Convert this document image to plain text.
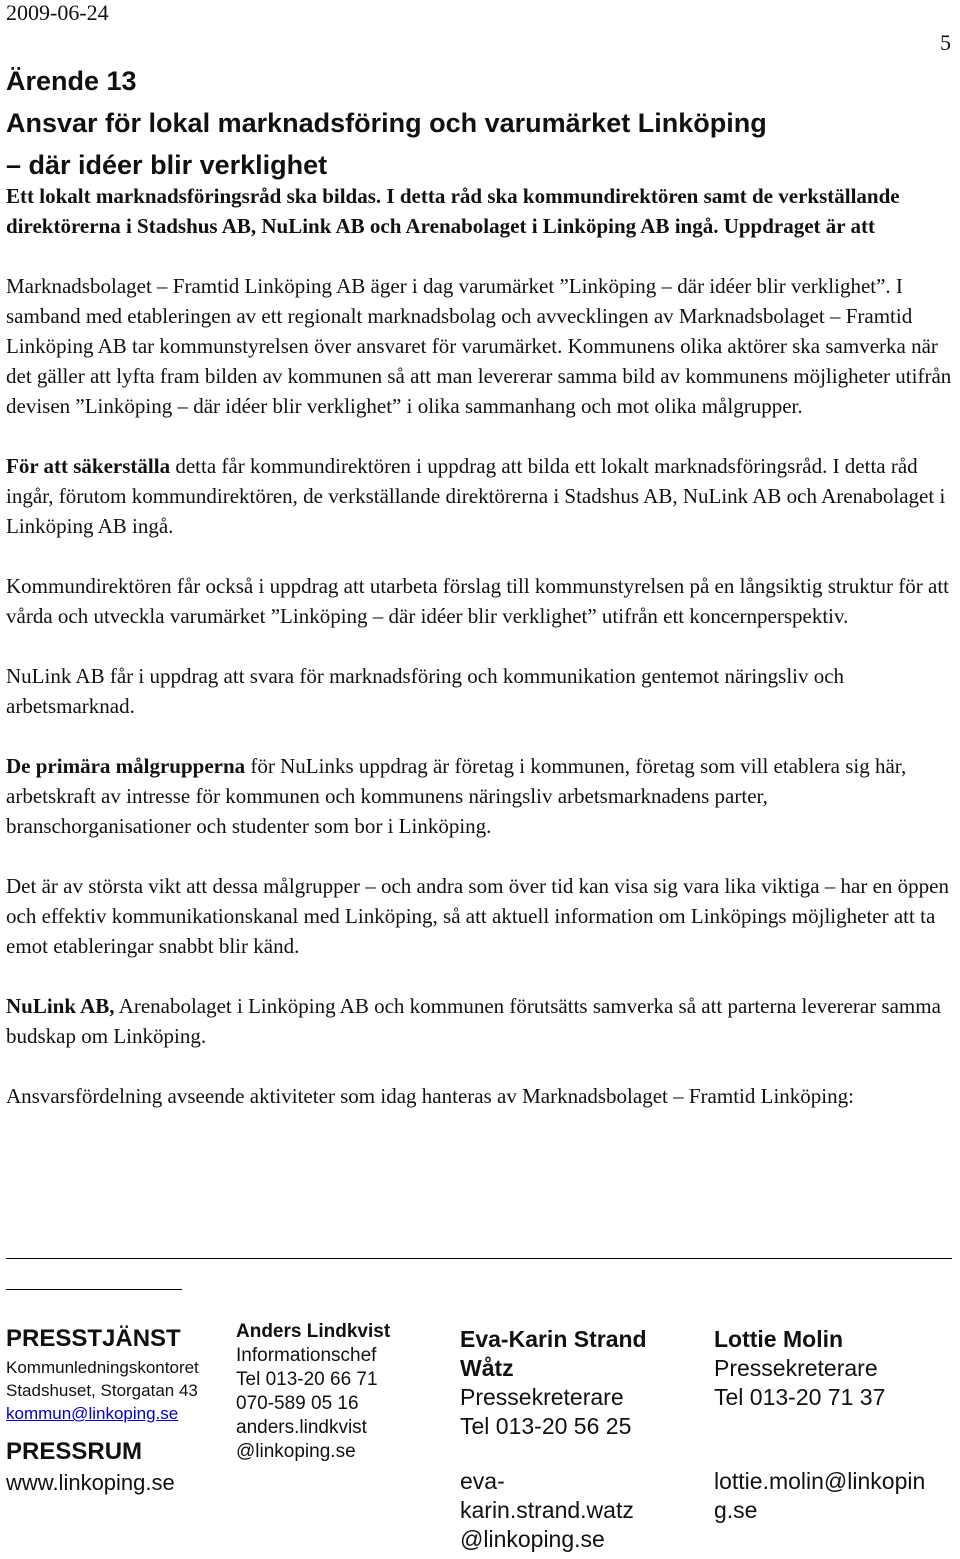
2009-06-24
5
Ärende 13
Ansvar för lokal marknadsföring och varumärket Linköping
– där idéer blir verklighet

Ett lokalt marknadsföringsråd ska bildas. I detta råd ska kommundirektören samt de verkställande direktörerna i Stadshus AB, NuLink AB och Arenabolaget i Linköping AB ingå. Uppdraget är att

Marknadsbolaget – Framtid Linköping AB äger i dag varumärket ”Linköping – där idéer blir verklighet”. I samband med etableringen av ett regionalt marknadsbolag och avvecklingen av Marknadsbolaget – Framtid Linköping AB tar kommunstyrelsen över ansvaret för varumärket. Kommunens olika aktörer ska samverka när det gäller att lyfta fram bilden av kommunen så att man levererar samma bild av kommunens möjligheter utifrån devisen ”Linköping – där idéer blir verklighet” i olika sammanhang och mot olika målgrupper.

För att säkerställa detta får kommundirektören i uppdrag att bilda ett lokalt marknadsföringsråd. I detta råd ingår, förutom kommundirektören, de verkställande direktörerna i Stadshus AB, NuLink AB och Arenabolaget i Linköping AB ingå.

Kommundirektören får också i uppdrag att utarbeta förslag till kommunstyrelsen på en långsiktig struktur för att vårda och utveckla varumärket ”Linköping – där idéer blir verklighet” utifrån ett koncernperspektiv.

NuLink AB får i uppdrag att svara för marknadsföring och kommunikation gentemot näringsliv och arbetsmarknad.

De primära målgrupperna för NuLinks uppdrag är företag i kommunen, företag som vill etablera sig här, arbetskraft av intresse för kommunen och kommunens näringsliv arbetsmarknadens parter, branschorganisationer och studenter som bor i Linköping.

Det är av största vikt att dessa målgrupper – och andra som över tid kan visa sig vara lika viktiga – har en öppen och effektiv kommunikationskanal med Linköping, så att aktuell information om Linköpings möjligheter att ta emot etableringar snabbt blir känd.

NuLink AB, Arenabolaget i Linköping AB och kommunen förutsätts samverka så att parterna levererar samma budskap om Linköping.

Ansvarsfördelning avseende aktiviteter som idag hanteras av Marknadsbolaget – Framtid Linköping:

PRESSTJÄNST
Kommunledningskontoret
Stadshuset, Storgatan 43
kommun@linkoping.se
PRESSRUM
www.linkoping.se
Anders Lindkvist
Informationschef
Tel 013-20 66 71
070-589 05 16
anders.lindkvist
@linkoping.se
Eva-Karin Strand
Wåtz
Pressekreterare
Tel 013-20 56 25
eva-
karin.strand.watz
@linkoping.se
Lottie Molin
Pressekreterare
Tel 013-20 71 37
lottie.molin@linkopin
g.se
